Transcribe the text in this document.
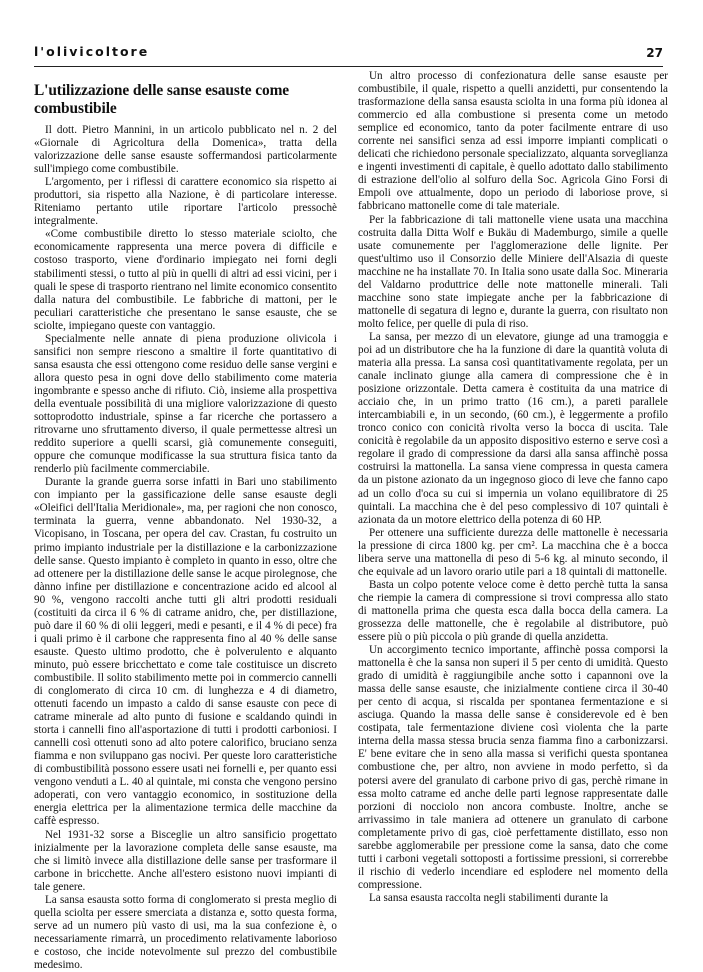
l'olivicoltore	27
L'utilizzazione delle sanse esauste come combustibile

Il dott. Pietro Mannini, in un articolo pubblicato nel n. 2 del «Giornale di Agricoltura della Domenica», tratta della valorizzazione delle sanse esauste soffermandosi particolarmente sull'impiego come combustibile.

L'argomento, per i riflessi di carattere economico sia rispetto ai produttori, sia rispetto alla Nazione, è di particolare interesse. Riteniamo pertanto utile riportare l'articolo pressochè integralmente.

«Come combustibile diretto lo stesso materiale sciolto, che economicamente rappresenta una merce povera di difficile e costoso trasporto, viene d'ordinario impiegato nei forni degli stabilimenti stessi, o tutto al più in quelli di altri ad essi vicini, per i quali le spese di trasporto rientrano nel limite economico consentito dalla natura del combustibile. Le fabbriche di mattoni, per le peculiari caratteristiche che presentano le sanse esauste, che se sciolte, impiegano queste con vantaggio.

Specialmente nelle annate di piena produzione olivicola i sansifici non sempre riescono a smaltire il forte quantitativo di sansa esausta che essi ottengono come residuo delle sanse vergini e allora questo pesa in ogni dove dello stabilimento come materia ingombrante e spesso anche di rifiuto. Ciò, insieme alla prospettiva della eventuale possibilità di una migliore valorizzazione di questo sottoprodotto industriale, spinse a far ricerche che portassero a ritrovarne uno sfruttamento diverso, il quale permettesse altresì un reddito superiore a quelli scarsi, già comunemente conseguiti, oppure che comunque modificasse la sua struttura fisica tanto da renderlo più facilmente commerciabile.

Durante la grande guerra sorse infatti in Bari uno stabilimento con impianto per la gassificazione delle sanse esauste degli «Oleifici dell'Italia Meridionale», ma, per ragioni che non conosco, terminata la guerra, venne abbandonato. Nel 1930-32, a Vicopisano, in Toscana, per opera del cav. Crastan, fu costruito un primo impianto industriale per la distillazione e la carbonizzazione delle sanse. Questo impianto è completo in quanto in esso, oltre che ad ottenere per la distillazione delle sanse le acque pirolegnose, che dànno infine per distillazione e concentrazione acido ed alcool al 90 %, vengono raccolti anche tutti gli altri prodotti residuali (costituiti da circa il 6 % di catrame anidro, che, per distillazione, può dare il 60 % di olii leggeri, medi e pesanti, e il 4 % di pece) fra i quali primo è il carbone che rappresenta fino al 40 % delle sanse esauste. Questo ultimo prodotto, che è polverulento e alquanto minuto, può essere bricchettato e come tale costituisce un discreto combustibile. Il solito stabilimento mette poi in commercio cannelli di conglomerato di circa 10 cm. di lunghezza e 4 di diametro, ottenuti facendo un impasto a caldo di sanse esauste con pece di catrame minerale ad alto punto di fusione e scaldando quindi in storta i cannelli fino all'asportazione di tutti i prodotti carboniosi. I cannelli così ottenuti sono ad alto potere calorifico, bruciano senza fiamma e non sviluppano gas nocivi. Per queste loro caratteristiche di combustibilità possono essere usati nei fornelli e, per quanto essi vengono venduti a L. 40 al quintale, mi consta che vengono persino adoperati, con vero vantaggio economico, in sostituzione della energia elettrica per la alimentazione termica delle macchine da caffè espresso.

Nel 1931-32 sorse a Bisceglie un altro sansificio progettato inizialmente per la lavorazione completa delle sanse esauste, ma che si limitò invece alla distillazione delle sanse per trasformare il carbone in bricchette. Anche all'estero esistono nuovi impianti di tale genere.

La sansa esausta sotto forma di conglomerato si presta meglio di quella sciolta per essere smerciata a distanza e, sotto questa forma, serve ad un numero più vasto di usi, ma la sua confezione è, o necessariamente rimarrà, un procedimento relativamente laborioso e costoso, che incide notevolmente sul prezzo del combustibile medesimo.

Un altro processo di confezionatura delle sanse esauste per combustibile, il quale, rispetto a quelli anzidetti, pur consentendo la trasformazione della sansa esausta sciolta in una forma più idonea al commercio ed alla combustione si presenta come un metodo semplice ed economico, tanto da poter facilmente entrare di uso corrente nei sansifici senza ad essi imporre impianti complicati o delicati che richiedono personale specializzato, alquanta sorveglianza e ingenti investimenti di capitale, è quello adottato dallo stabilimento di estrazione dell'olio al solfuro della Soc. Agricola Gino Forsi di Empoli ove attualmente, dopo un periodo di laboriose prove, si fabbricano mattonelle come di tale materiale.

Per la fabbricazione di tali mattonelle viene usata una macchina costruita dalla Ditta Wolf e Bukäu di Mademburgo, simile a quelle usate comunemente per l'agglomerazione delle lignite. Per quest'ultimo uso il Consorzio delle Miniere dell'Alsazia di queste macchine ne ha installate 70. In Italia sono usate dalla Soc. Mineraria del Valdarno produttrice delle note mattonelle minerali. Tali macchine sono state impiegate anche per la fabbricazione di mattonelle di segatura di legno e, durante la guerra, con risultato non molto felice, per quelle di pula di riso.

La sansa, per mezzo di un elevatore, giunge ad una tramoggia e poi ad un distributore che ha la funzione di dare la quantità voluta di materia alla pressa. La sansa così quantitativamente regolata, per un canale inclinato giunge alla camera di compressione che è in posizione orizzontale. Detta camera è costituita da una matrice di acciaio che, in un primo tratto (16 cm.), a pareti parallele intercambiabili e, in un secondo, (60 cm.), è leggermente a profilo tronco conico con conicità rivolta verso la bocca di uscita. Tale conicità è regolabile da un apposito dispositivo esterno e serve così a regolare il grado di compressione da darsi alla sansa affinchè possa costruirsi la mattonella. La sansa viene compressa in questa camera da un pistone azionato da un ingegnoso gioco di leve che fanno capo ad un collo d'oca su cui si impernia un volano equilibratore di 25 quintali. La macchina che è del peso complessivo di 107 quintali è azionata da un motore elettrico della potenza di 60 HP.

Per ottenere una sufficiente durezza delle mattonelle è necessaria la pressione di circa 1800 kg. per cm². La macchina che è a bocca libera serve una mattonella di peso di 5-6 kg. al minuto secondo, il che equivale ad un lavoro orario utile pari a 18 quintali di mattonelle.

Basta un colpo potente veloce come è detto perchè tutta la sansa che riempie la camera di compressione si trovi compressa allo stato di mattonella prima che questa esca dalla bocca della camera. La grossezza delle mattonelle, che è regolabile al distributore, può essere più o più piccola o più grande di quella anzidetta.

Un accorgimento tecnico importante, affinchè possa comporsi la mattonella è che la sansa non superi il 5 per cento di umidità. Questo grado di umidità è raggiungibile anche sotto i capannoni ove la massa delle sanse esauste, che inizialmente contiene circa il 30-40 per cento di acqua, si riscalda per spontanea fermentazione e si asciuga. Quando la massa delle sanse è considerevole ed è ben costipata, tale fermentazione diviene così violenta che la parte interna della massa stessa brucia senza fiamma fino a carbonizzarsi. E' bene evitare che in seno alla massa si verifichi questa spontanea combustione che, per altro, non avviene in modo perfetto, sì da potersi avere del granulato di carbone privo di gas, perchè rimane in essa molto catrame ed anche delle parti legnose rappresentate dalle porzioni di nocciolo non ancora combuste. Inoltre, anche se arrivassimo in tale maniera ad ottenere un granulato di carbone completamente privo di gas, cioè perfettamente distillato, esso non sarebbe agglomerabile per pressione come la sansa, dato che come tutti i carboni vegetali sottoposti a fortissime pressioni, si correrebbe il rischio di vederlo incendiare ed esplodere nel momento della compressione.

La sansa esausta raccolta negli stabilimenti durante la
